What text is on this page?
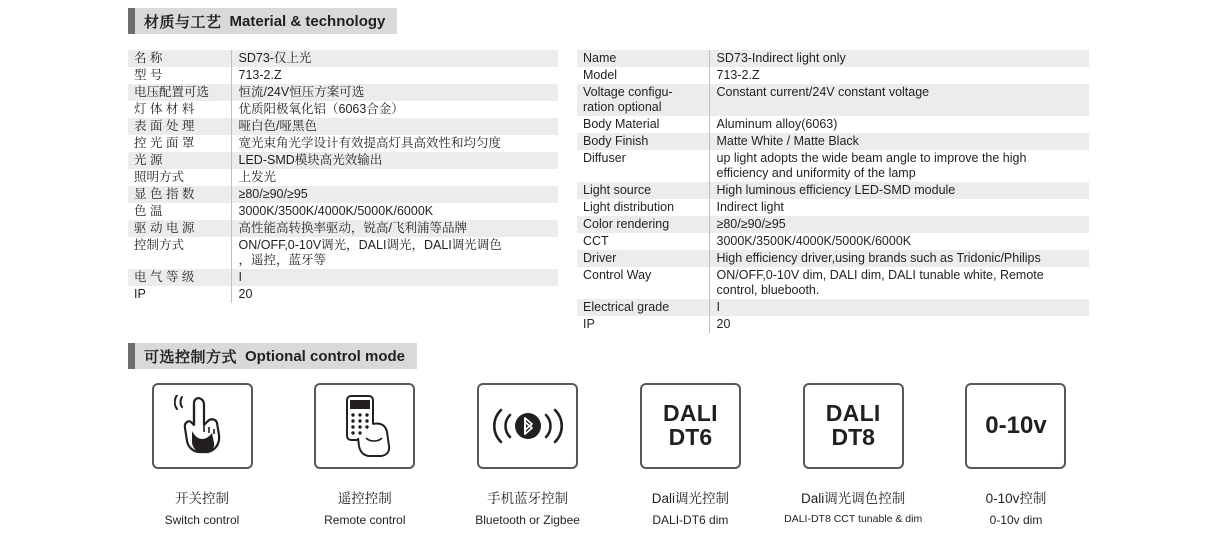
材质与工艺 Material & technology
名 称	SD73-仅上光
型 号	713-2.Z
电压配置可选	恒流/24V恒压方案可选
灯 体 材 料	优质阳极氧化铝（6063合金）
表 面 处 理	哑白色/哑黑色
控 光 面 罩	宽光束角光学设计有效提高灯具高效性和均匀度
光 源	LED-SMD模块高光效输出
照明方式	上发光
显 色 指 数	≥80/≥90/≥95
色 温	3000K/3500K/4000K/5000K/6000K
驱 动 电 源	高性能高转换率驱动，锐高/飞利浦等品牌
控制方式	ON/OFF,0-10V调光，DALI调光，DALI调光调色
，遥控，蓝牙等
电 气 等 级	I
IP	20
Name	SD73-Indirect light only
Model	713-2.Z
Voltage configu-
ration optional	Constant current/24V constant voltage
Body Material	Aluminum alloy(6063)
Body Finish	Matte White / Matte Black
Diffuser	up light adopts the wide beam angle to improve the high
efficiency and uniformity of the lamp
Light source	High luminous efficiency LED-SMD module
Light distribution	Indirect light
Color rendering	≥80/≥90/≥95
CCT	3000K/3500K/4000K/5000K/6000K
Driver	High efficiency driver,using brands such as Tridonic/Philips
Control Way	ON/OFF,0-10V dim, DALI dim, DALI tunable white, Remote
control, bluebooth.
Electrical grade	I
IP	20
可选控制方式 Optional control mode
开关控制
Switch control
遥控控制
Remote control
手机蓝牙控制
Bluetooth or Zigbee
DALI
DT6
Dali调光控制
DALI-DT6 dim
DALI
DT8
Dali调光调色控制
DALI-DT8 CCT tunable & dim
0-10v
0-10v控制
0-10v dim
